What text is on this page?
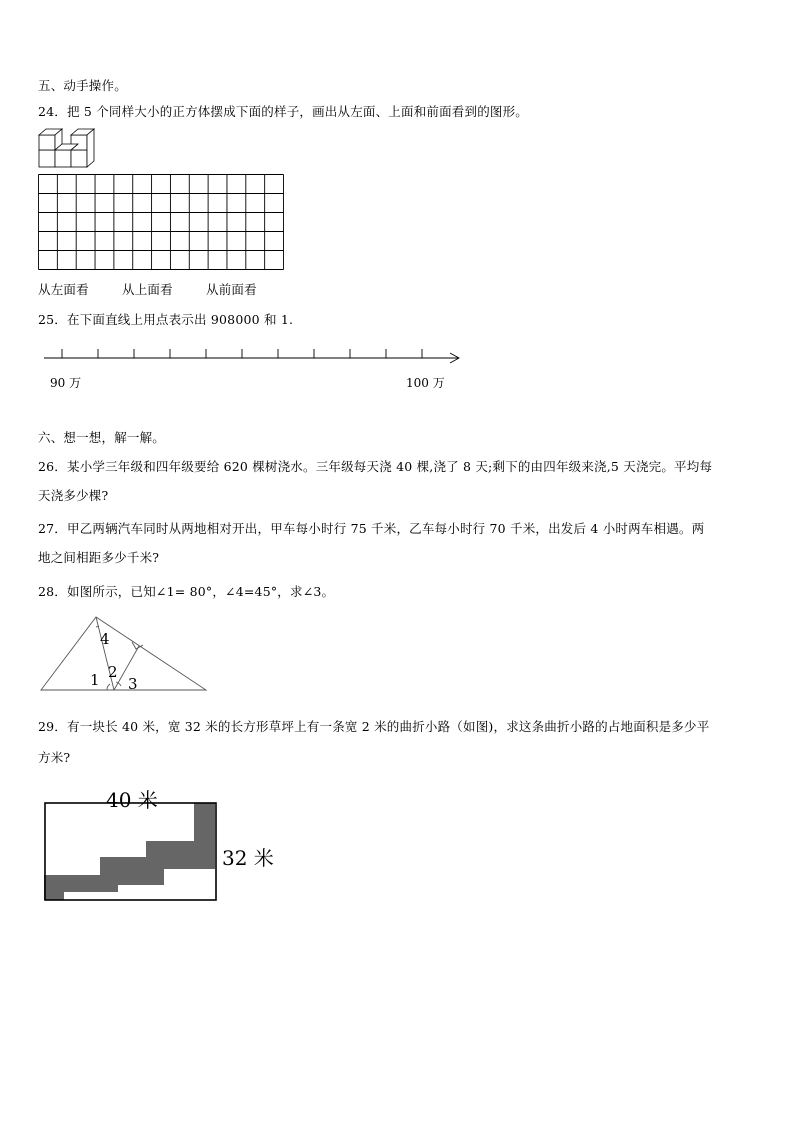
五、动手操作。
24．把 5 个同样大小的正方体摆成下面的样子，画出从左面、上面和前面看到的图形。
从左面看	从上面看	从前面看
25．在下面直线上用点表示出 908000 和 1.
90 万	100 万
六、想一想，解一解。
26．某小学三年级和四年级要给 620 棵树浇水。三年级每天浇 40 棵,浇了 8 天;剩下的由四年级来浇,5 天浇完。平均每
天浇多少棵?
27．甲乙两辆汽车同时从两地相对开出，甲车每小时行 75 千米，乙车每小时行 70 千米，出发后 4 小时两车相遇。两
地之间相距多少千米?
28．如图所示，已知∠1= 80°，∠4=45°，求∠3。
1 2
3
4
29．有一块长 40 米，宽 32 米的长方形草坪上有一条宽 2 米的曲折小路（如图)，求这条曲折小路的占地面积是多少平
方米?
40 米
32 米
